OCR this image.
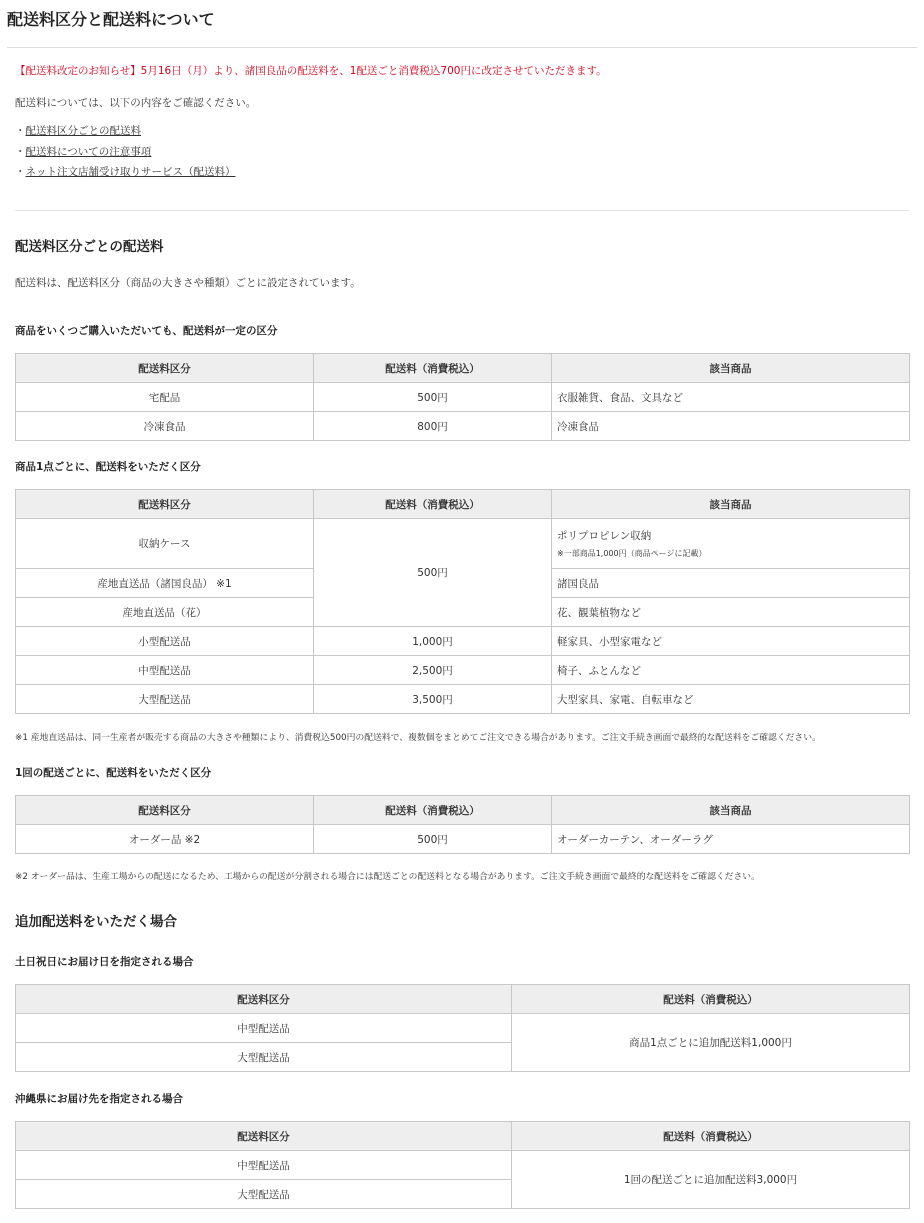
配送料区分と配送料について
【配送料改定のお知らせ】5月16日（月）より、諸国良品の配送料を、1配送ごと消費税込700円に改定させていただきます。
配送料については、以下の内容をご確認ください。
・配送料区分ごとの配送料
・配送料についての注意事項
・ネット注文店舗受け取りサービス（配送料）
配送料区分ごとの配送料
配送料は、配送料区分（商品の大きさや種類）ごとに設定されています。
商品をいくつご購入いただいても、配送料が一定の区分
配送料区分	配送料（消費税込）	該当商品
宅配品	500円	衣服雑貨、食品、文具など
冷凍食品	800円	冷凍食品
商品1点ごとに、配送料をいただく区分
配送料区分	配送料（消費税込）	該当商品
収納ケース	500円	ポリプロピレン収納
※一部商品1,000円（商品ページに記載）

産地直送品（諸国良品） ※1		諸国良品
産地直送品（花）		花、観葉植物など
小型配送品	1,000円	軽家具、小型家電など
中型配送品	2,500円	椅子、ふとんなど
大型配送品	3,500円	大型家具、家電、自転車など
※1 産地直送品は、同一生産者が販売する商品の大きさや種類により、消費税込500円の配送料で、複数個をまとめてご注文できる場合があります。ご注文手続き画面で最終的な配送料をご確認ください。
1回の配送ごとに、配送料をいただく区分
配送料区分	配送料（消費税込）	該当商品
オーダー品 ※2	500円	オーダーカーテン、オーダーラグ
※2 オーダー品は、生産工場からの配送になるため、工場からの配送が分割される場合には配送ごとの配送料となる場合があります。ご注文手続き画面で最終的な配送料をご確認ください。
追加配送料をいただく場合
土日祝日にお届け日を指定される場合
配送料区分	配送料（消費税込）
中型配送品	商品1点ごとに追加配送料1,000円
大型配送品	
沖縄県にお届け先を指定される場合
配送料区分	配送料（消費税込）
中型配送品	1回の配送ごとに追加配送料3,000円
大型配送品	
